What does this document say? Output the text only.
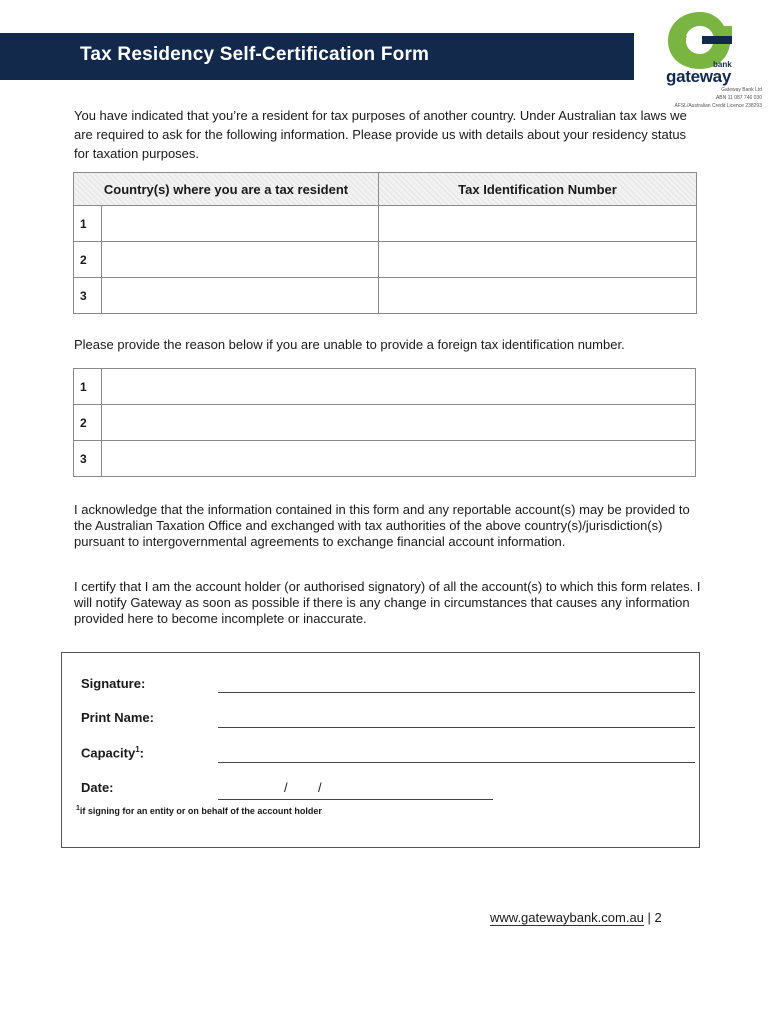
Tax Residency Self-Certification Form	bank
gateway
Gateway Bank Ltd
ABN 11 087 746 030
AFSL/Australian Credit Licence 238293
You have indicated that you’re a resident for tax purposes of another country. Under Australian tax laws we are required to ask for the following information. Please provide us with details about your residency status for taxation purposes.
Country(s) where you are a tax resident		Tax Identification Number
1		
2		
3		
Please provide the reason below if you are unable to provide a foreign tax identification number.
1	
2	
3	
I acknowledge that the information contained in this form and any reportable account(s) may be provided to the Australian Taxation Office and exchanged with tax authorities of the above country(s)/jurisdiction(s) pursuant to intergovernmental agreements to exchange financial account information.
I certify that I am the account holder (or authorised signatory) of all the account(s) to which this form relates. I will notify Gateway as soon as possible if there is any change in circumstances that causes any information provided here to become incomplete or inaccurate.
Signature:
Print Name:
Capacity$^1$:
Date:	/ /
$^1$if signing for an entity or on behalf of the account holder
www.gatewaybank.com.au | 2
